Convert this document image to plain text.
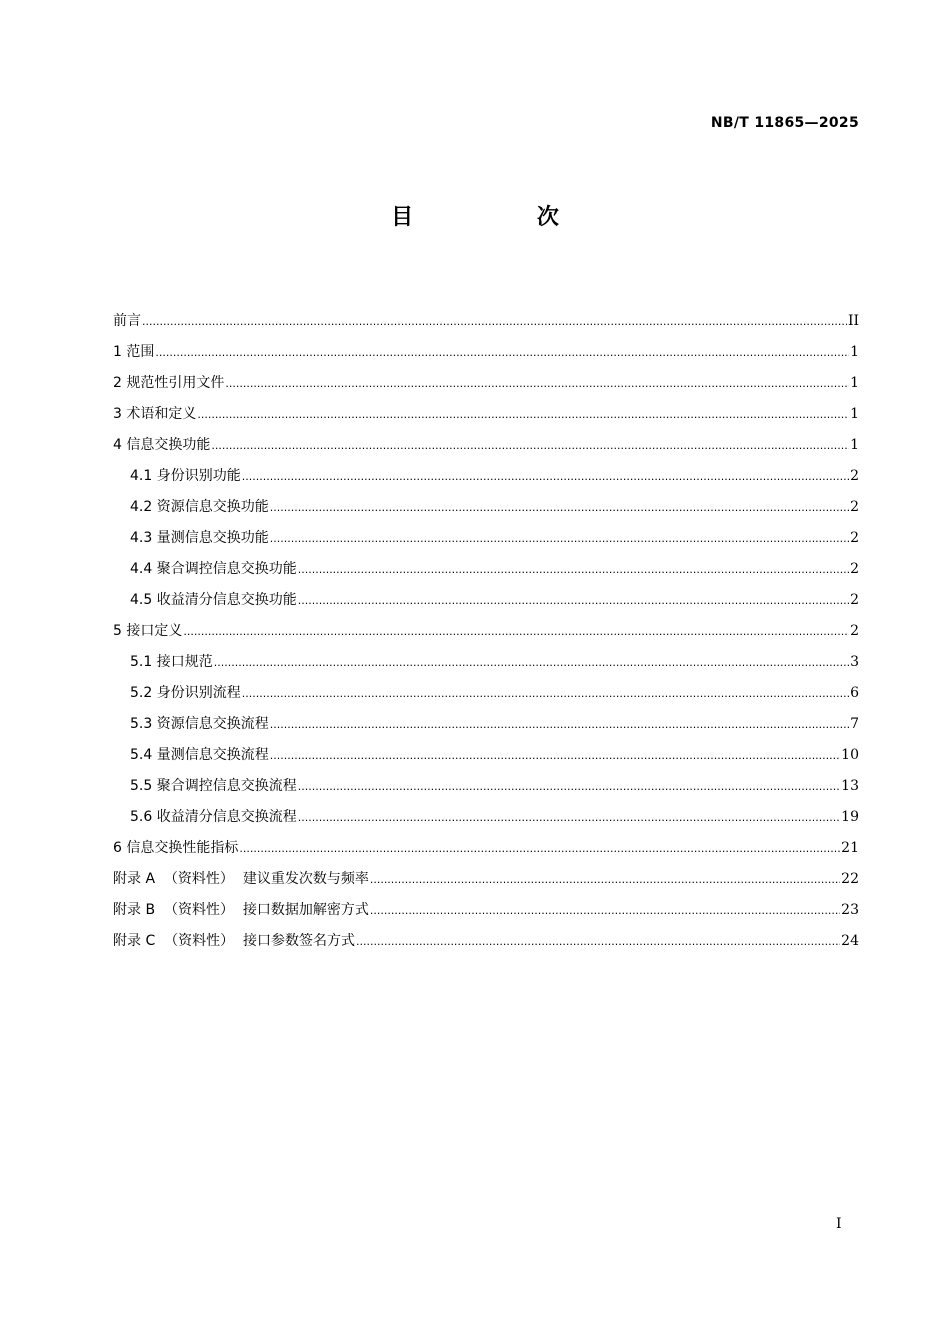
NB/T 11865—2025
目 次
前言 .....	II
1 范围 .....	1
2 规范性引用文件 .....	1
3 术语和定义 .....	1
4 信息交换功能 .....	1
4.1 身份识别功能 .....	2
4.2 资源信息交换功能 .....	2
4.3 量测信息交换功能 .....	2
4.4 聚合调控信息交换功能 .....	2
4.5 收益清分信息交换功能 .....	2
5 接口定义 .....	2
5.1 接口规范 .....	3
5.2 身份识别流程 .....	6
5.3 资源信息交换流程 .....	7
5.4 量测信息交换流程 .....	10
5.5 聚合调控信息交换流程 .....	13
5.6 收益清分信息交换流程 .....	19
6 信息交换性能指标 .....	21
附录 A  （资料性）  建议重发次数与频率 .....	22
附录 B  （资料性）  接口数据加解密方式 .....	23
附录 C  （资料性）  接口参数签名方式 .....	24
I
